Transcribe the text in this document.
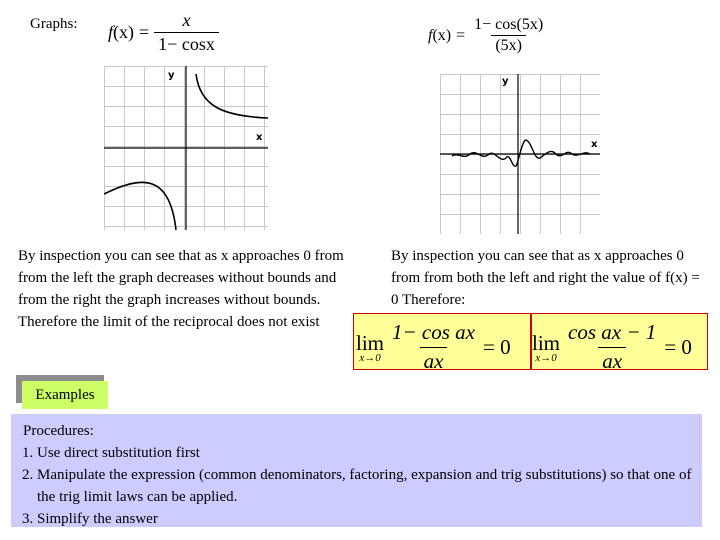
Graphs: f $(x) = \frac{x}{1- \cos x}$	f $(x) = \frac{1- \cos(5x)}{(5x)}$
y
x
y
x
By inspection you can see that as x approaches 0 from from the left the graph decreases without bounds and from the right the graph increases without bounds. Therefore the limit of the reciprocal does not exist
By inspection you can see that as x approaches 0 from from both the left and right the value of f(x) = 0 Therefore:
lim
$x\to 0 \frac{\text{1− cos ax}}{ax} = 0$ lim
$x\to 0 \frac{\text{cos ax − 1}}{ax} = 0$
Examples
Procedures:
1. Use direct substitution first
2. Manipulate the expression (common denominators, factoring, expansion and trig substitutions) so that one of the trig limit laws can be applied.
3. Simplify the answer
